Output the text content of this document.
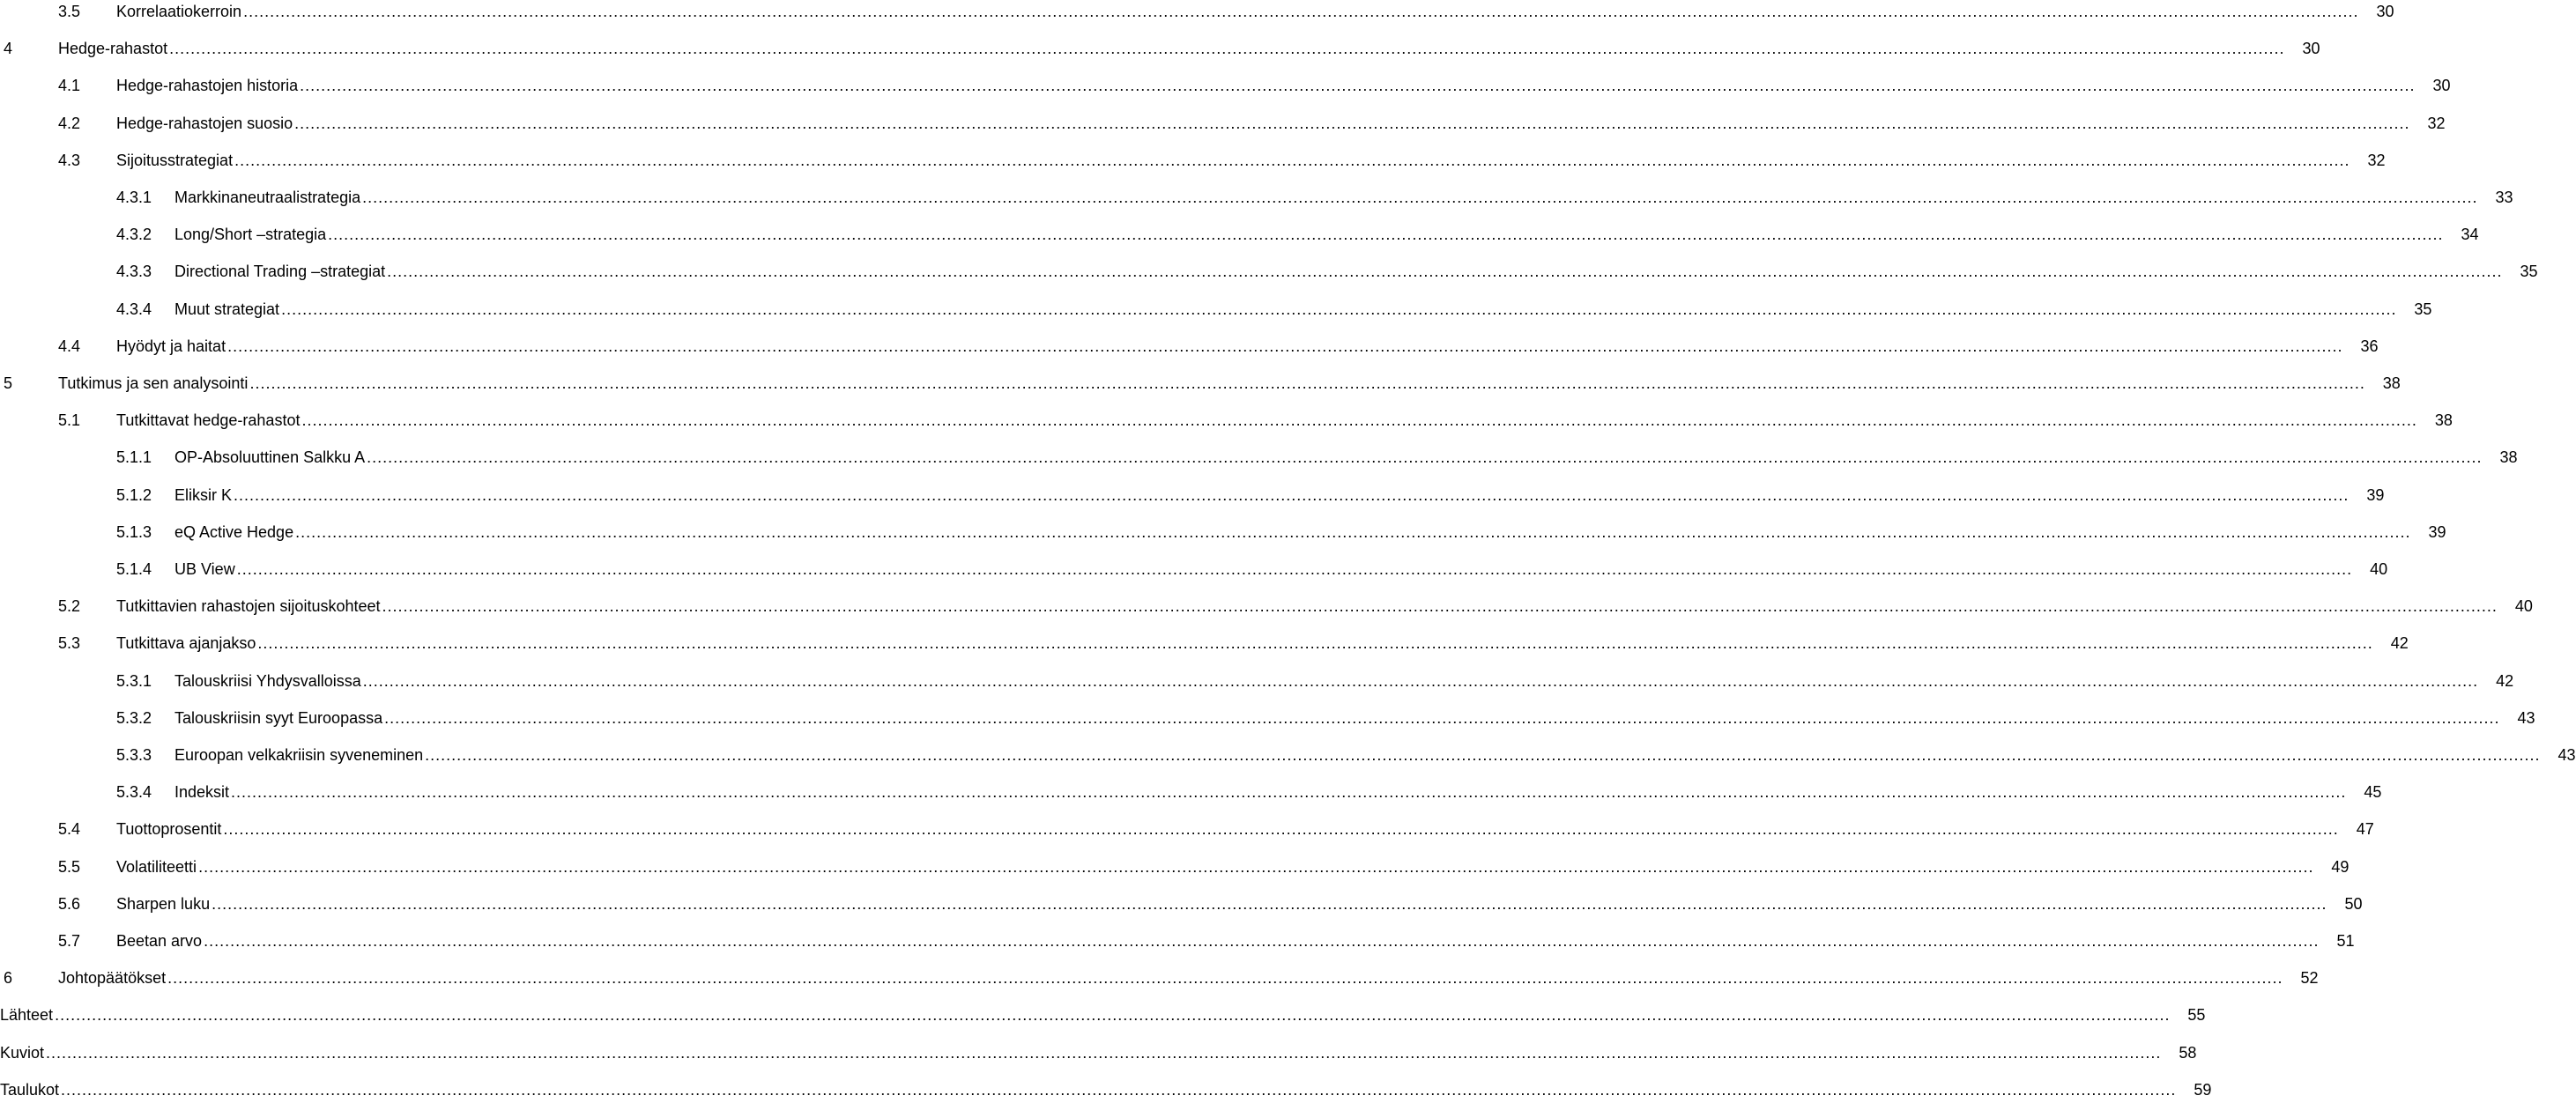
3.5 Korrelaatiokerroin ................................................................................................................................................................................................................................................................................................................................................................................................................	30
4	Hedge-rahastot ................................................................................................................................................................................................................................................................................................................................................................................................................	30
4.1 Hedge-rahastojen historia ................................................................................................................................................................................................................................................................................................................................................................................................................	30
4.2 Hedge-rahastojen suosio ................................................................................................................................................................................................................................................................................................................................................................................................................	32
4.3 Sijoitusstrategiat ................................................................................................................................................................................................................................................................................................................................................................................................................	32
4.3.1 Markkinaneutraalistrategia ................................................................................................................................................................................................................................................................................................................................................................................................................	33
4.3.2 Long/Short –strategia ................................................................................................................................................................................................................................................................................................................................................................................................................	34
4.3.3 Directional Trading –strategiat ................................................................................................................................................................................................................................................................................................................................................................................................................	35
4.3.4 Muut strategiat ................................................................................................................................................................................................................................................................................................................................................................................................................	35
4.4 Hyödyt ja haitat ................................................................................................................................................................................................................................................................................................................................................................................................................	36
5	Tutkimus ja sen analysointi ................................................................................................................................................................................................................................................................................................................................................................................................................	38
5.1 Tutkittavat hedge-rahastot ................................................................................................................................................................................................................................................................................................................................................................................................................	38
5.1.1 OP-Absoluuttinen Salkku A ................................................................................................................................................................................................................................................................................................................................................................................................................	38
5.1.2 Eliksir K ................................................................................................................................................................................................................................................................................................................................................................................................................	39
5.1.3 eQ Active Hedge ................................................................................................................................................................................................................................................................................................................................................................................................................	39
5.1.4 UB View ................................................................................................................................................................................................................................................................................................................................................................................................................	40
5.2 Tutkittavien rahastojen sijoituskohteet ................................................................................................................................................................................................................................................................................................................................................................................................................	40
5.3 Tutkittava ajanjakso ................................................................................................................................................................................................................................................................................................................................................................................................................	42
5.3.1 Talouskriisi Yhdysvalloissa ................................................................................................................................................................................................................................................................................................................................................................................................................	42
5.3.2 Talouskriisin syyt Euroopassa ................................................................................................................................................................................................................................................................................................................................................................................................................	43
5.3.3 Euroopan velkakriisin syveneminen ................................................................................................................................................................................................................................................................................................................................................................................................................	43
5.3.4 Indeksit ................................................................................................................................................................................................................................................................................................................................................................................................................	45
5.4 Tuottoprosentit ................................................................................................................................................................................................................................................................................................................................................................................................................	47
5.5 Volatiliteetti ................................................................................................................................................................................................................................................................................................................................................................................................................	49
5.6 Sharpen luku ................................................................................................................................................................................................................................................................................................................................................................................................................	50
5.7 Beetan arvo ................................................................................................................................................................................................................................................................................................................................................................................................................	51
6	Johtopäätökset ................................................................................................................................................................................................................................................................................................................................................................................................................	52
Lähteet ................................................................................................................................................................................................................................................................................................................................................................................................................	55
Kuviot ................................................................................................................................................................................................................................................................................................................................................................................................................	58
Taulukot ................................................................................................................................................................................................................................................................................................................................................................................................................	59
